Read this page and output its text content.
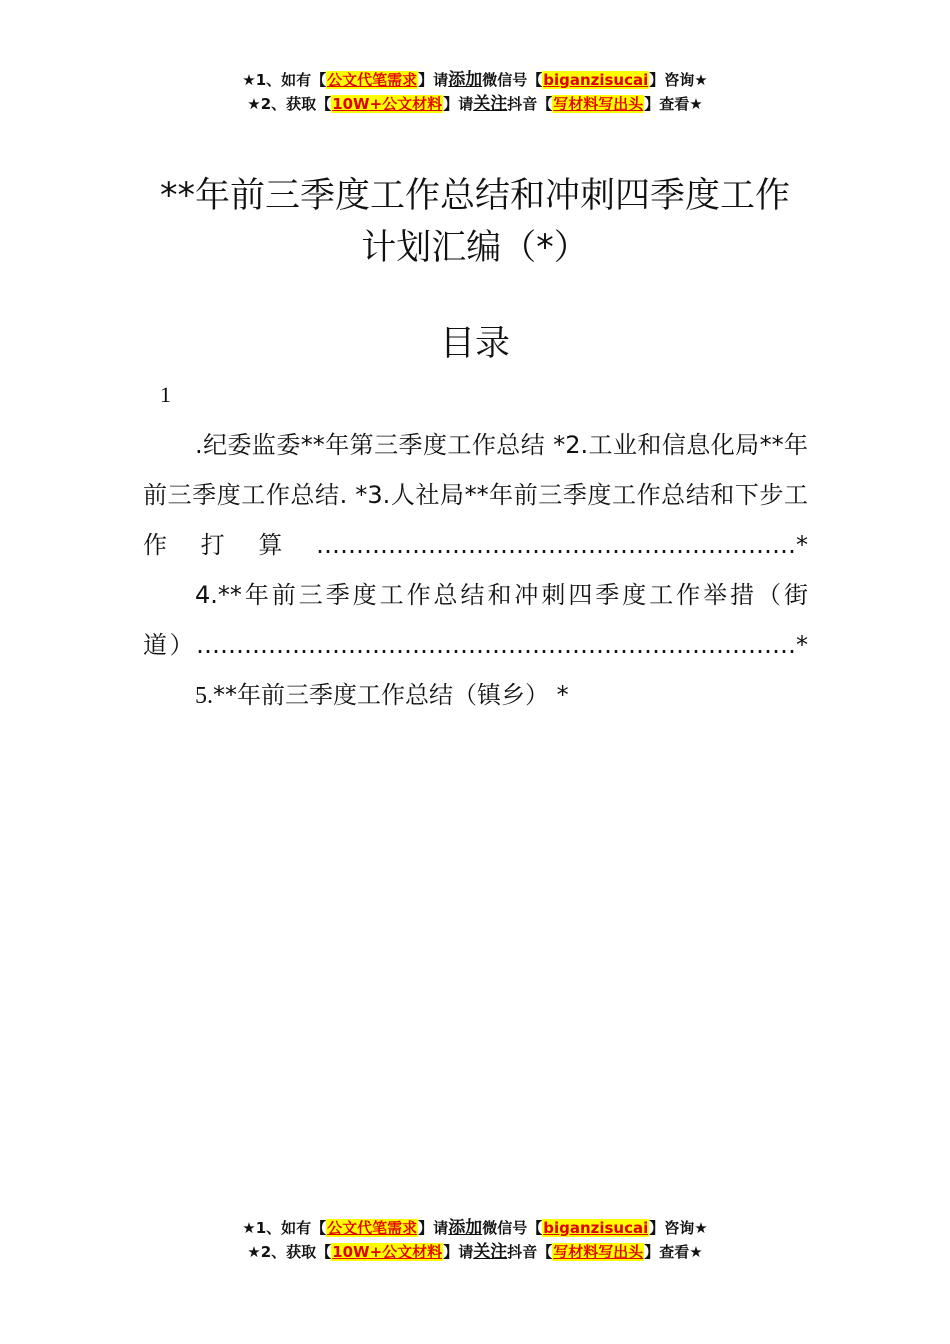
★1、如有【公文代笔需求】请添加微信号【biganzisucai】咨询★
★2、获取【10W+公文材料】请关注抖音【写材料写出头】查看★
**年前三季度工作总结和冲刺四季度工作
计划汇编（*）
目录
1

.纪委监委**年第三季度工作总结 *2.工业和信息化局**年前三季度工作总结. *3.人社局**年前三季度工作总结和下步工作打算……………………………………………………*

4.**年前三季度工作总结和冲刺四季度工作举措（街道）…………………………………………………………………*

5.**年前三季度工作总结（镇乡） *

★1、如有【公文代笔需求】请添加微信号【biganzisucai】咨询★
★2、获取【10W+公文材料】请关注抖音【写材料写出头】查看★
